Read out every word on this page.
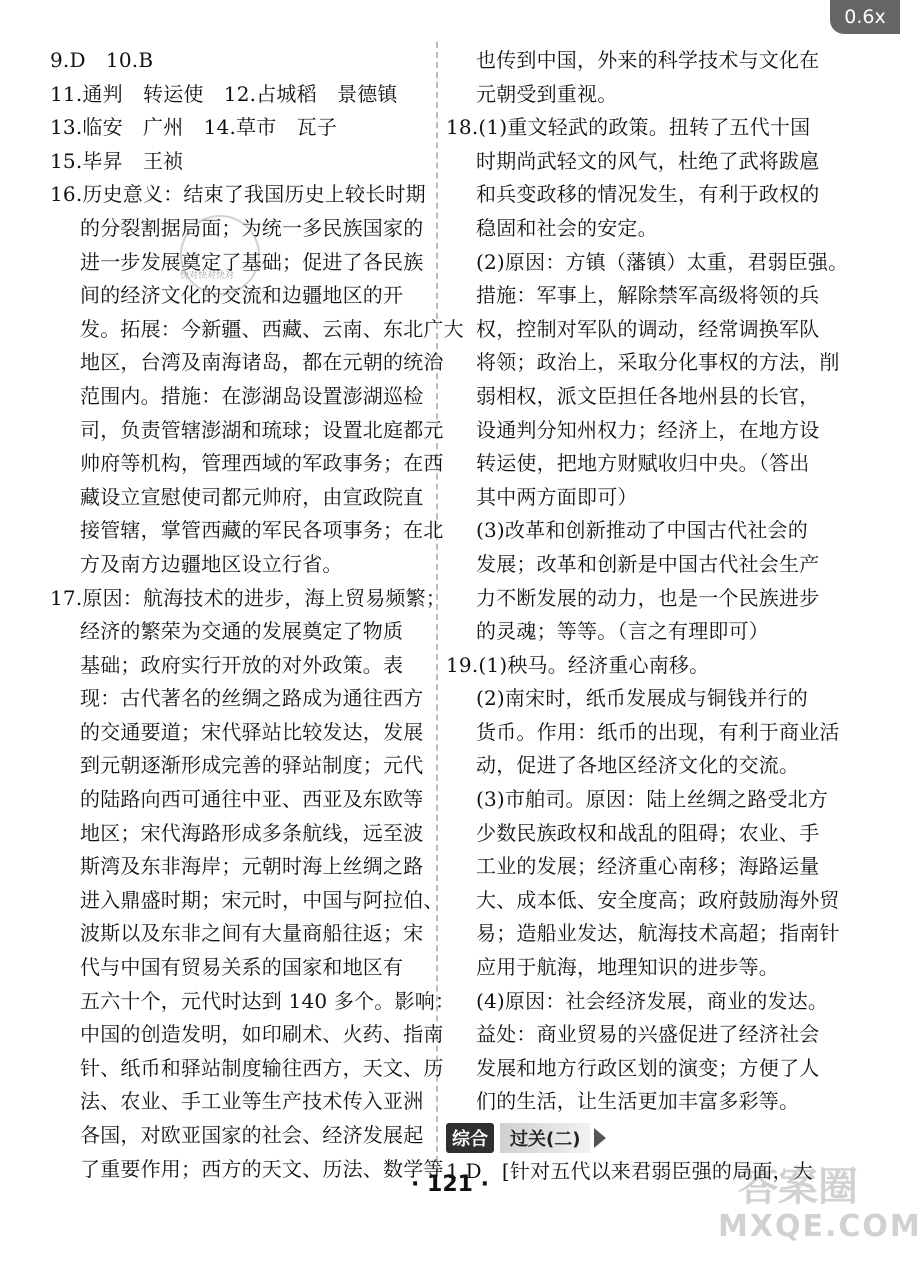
0.6x
9.D　10.B
11.通判　转运使　12.占城稻　景德镇
13.临安　广州　14.草市　瓦子
15.毕昇　王祯
16.历史意义：结束了我国历史上较长时期
的分裂割据局面；为统一多民族国家的
进一步发展奠定了基础；促进了各民族
间的经济文化的交流和边疆地区的开
发。拓展：今新疆、西藏、云南、东北广大
地区，台湾及南海诸岛，都在元朝的统治
范围内。措施：在澎湖岛设置澎湖巡检
司，负责管辖澎湖和琉球；设置北庭都元
帅府等机构，管理西域的军政事务；在西
藏设立宣慰使司都元帅府，由宣政院直
接管辖，掌管西藏的军民各项事务；在北
方及南方边疆地区设立行省。
17.原因：航海技术的进步，海上贸易频繁；
经济的繁荣为交通的发展奠定了物质
基础；政府实行开放的对外政策。表
现：古代著名的丝绸之路成为通往西方
的交通要道；宋代驿站比较发达，发展
到元朝逐渐形成完善的驿站制度；元代
的陆路向西可通往中亚、西亚及东欧等
地区；宋代海路形成多条航线，远至波
斯湾及东非海岸；元朝时海上丝绸之路
进入鼎盛时期；宋元时，中国与阿拉伯、
波斯以及东非之间有大量商船往返；宋
代与中国有贸易关系的国家和地区有
五六十个，元代时达到 140 多个。影响：
中国的创造发明，如印刷术、火药、指南
针、纸币和驿站制度输往西方，天文、历
法、农业、手工业等生产技术传入亚洲
各国，对欧亚国家的社会、经济发展起
了重要作用；西方的天文、历法、数学等
也传到中国，外来的科学技术与文化在
元朝受到重视。
18.(1)重文轻武的政策。扭转了五代十国
时期尚武轻文的风气，杜绝了武将跋扈
和兵变政移的情况发生，有利于政权的
稳固和社会的安定。
(2)原因：方镇（藩镇）太重，君弱臣强。
措施：军事上，解除禁军高级将领的兵
权，控制对军队的调动，经常调换军队
将领；政治上，采取分化事权的方法，削
弱相权，派文臣担任各地州县的长官，
设通判分知州权力；经济上，在地方设
转运使，把地方财赋收归中央。（答出
其中两方面即可）
(3)改革和创新推动了中国古代社会的
发展；改革和创新是中国古代社会生产
力不断发展的动力，也是一个民族进步
的灵魂；等等。（言之有理即可）
19.(1)秧马。经济重心南移。
(2)南宋时，纸币发展成与铜钱并行的
货币。作用：纸币的出现，有利于商业活
动，促进了各地区经济文化的交流。
(3)市舶司。原因：陆上丝绸之路受北方
少数民族政权和战乱的阻碍；农业、手
工业的发展；经济重心南移；海路运量
大、成本低、安全度高；政府鼓励海外贸
易；造船业发达，航海技术高超；指南针
应用于航海，地理知识的进步等。
(4)原因：社会经济发展，商业的发达。
益处：商业贸易的兴盛促进了经济社会
发展和地方行政区划的演变；方便了人
们的生活，让生活更加丰富多彩等。
综合	过关(二)
1.D　[针对五代以来君弱臣强的局面，大
快对快对快对
· 121 ·	答案圈
MXQE.COM
